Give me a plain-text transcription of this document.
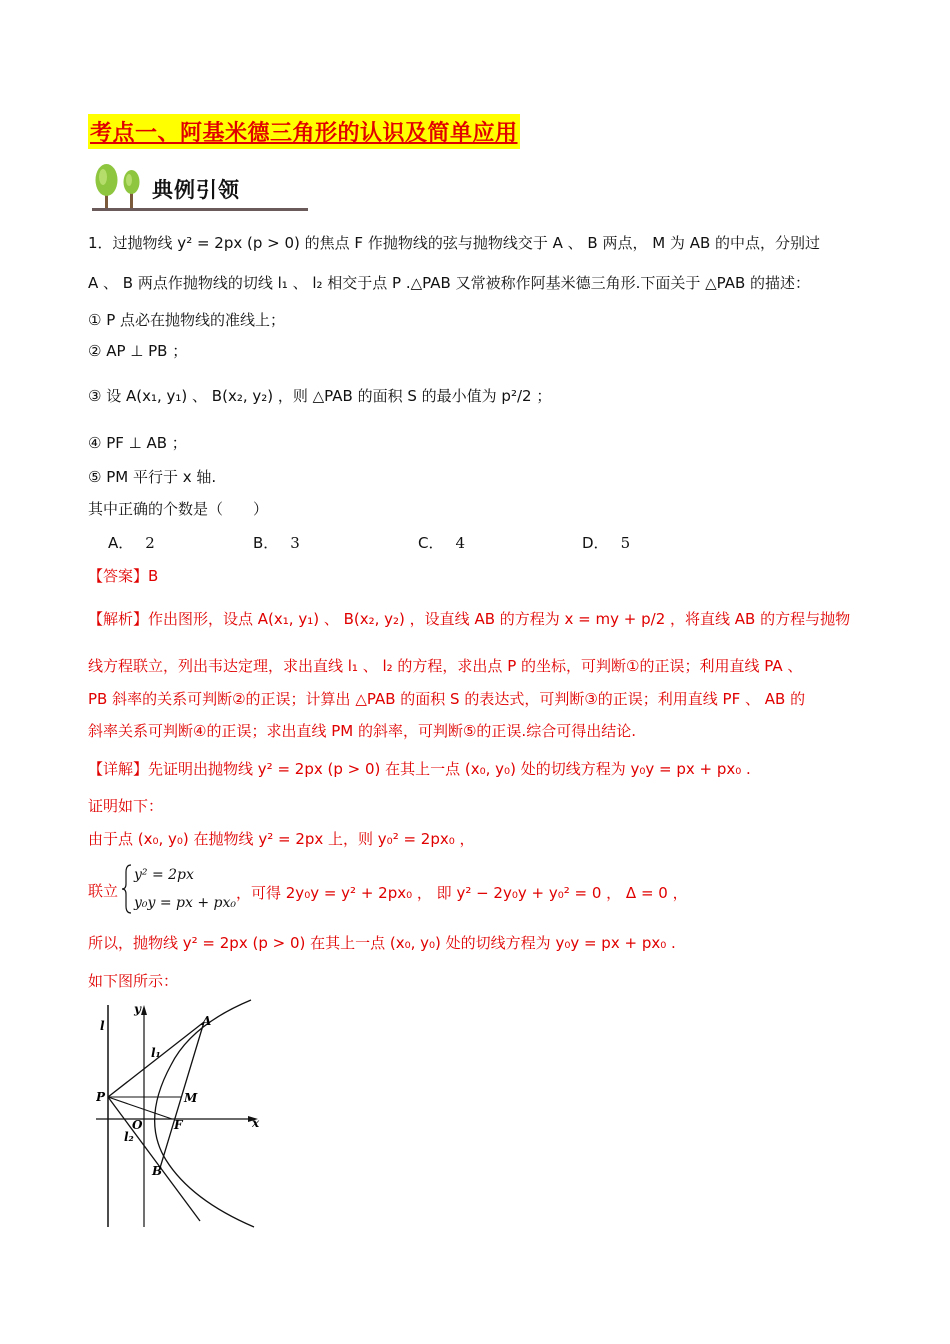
考点一、阿基米德三角形的认识及简单应用
典例引领
1．过抛物线 y² = 2px (p > 0) 的焦点 F 作抛物线的弦与抛物线交于 A 、 B 两点， M 为 AB 的中点，分别过
A 、 B 两点作抛物线的切线 l₁ 、 l₂ 相交于点 P .△PAB 又常被称作阿基米德三角形.下面关于 △PAB 的描述：
① P 点必在抛物线的准线上；
② AP ⊥ PB ；
③ 设 A(x₁, y₁) 、 B(x₂, y₂) ，则 △PAB 的面积 S 的最小值为 p²/2 ；
④ PF ⊥ AB ；
⑤ PM 平行于 x 轴.
其中正确的个数是（　　）
A． 2	B． 3	C． 4	D． 5
【答案】B
【解析】作出图形，设点 A(x₁, y₁) 、 B(x₂, y₂) ，设直线 AB 的方程为 x = my + p/2 ，将直线 AB 的方程与抛物
线方程联立，列出韦达定理，求出直线 l₁ 、 l₂ 的方程，求出点 P 的坐标，可判断①的正误；利用直线 PA 、
PB 斜率的关系可判断②的正误；计算出 △PAB 的面积 S 的表达式，可判断③的正误；利用直线 PF 、 AB 的
斜率关系可判断④的正误；求出直线 PM 的斜率，可判断⑤的正误.综合可得出结论.
【详解】先证明出抛物线 y² = 2px (p > 0) 在其上一点 (x₀, y₀) 处的切线方程为 y₀y = px + px₀ .
证明如下：
由于点 (x₀, y₀) 在抛物线 y² = 2px 上，则 y₀² = 2px₀ ，
联立
y² = 2px
y₀y = px + px₀
，可得 2y₀y = y² + 2px₀ ， 即 y² − 2y₀y + y₀² = 0 ， Δ = 0 ，
所以，抛物线 y² = 2px (p > 0) 在其上一点 (x₀, y₀) 处的切线方程为 y₀y = px + px₀ .
如下图所示：
l
y
A
l₁
P	M
O	F	x
l₂
B
